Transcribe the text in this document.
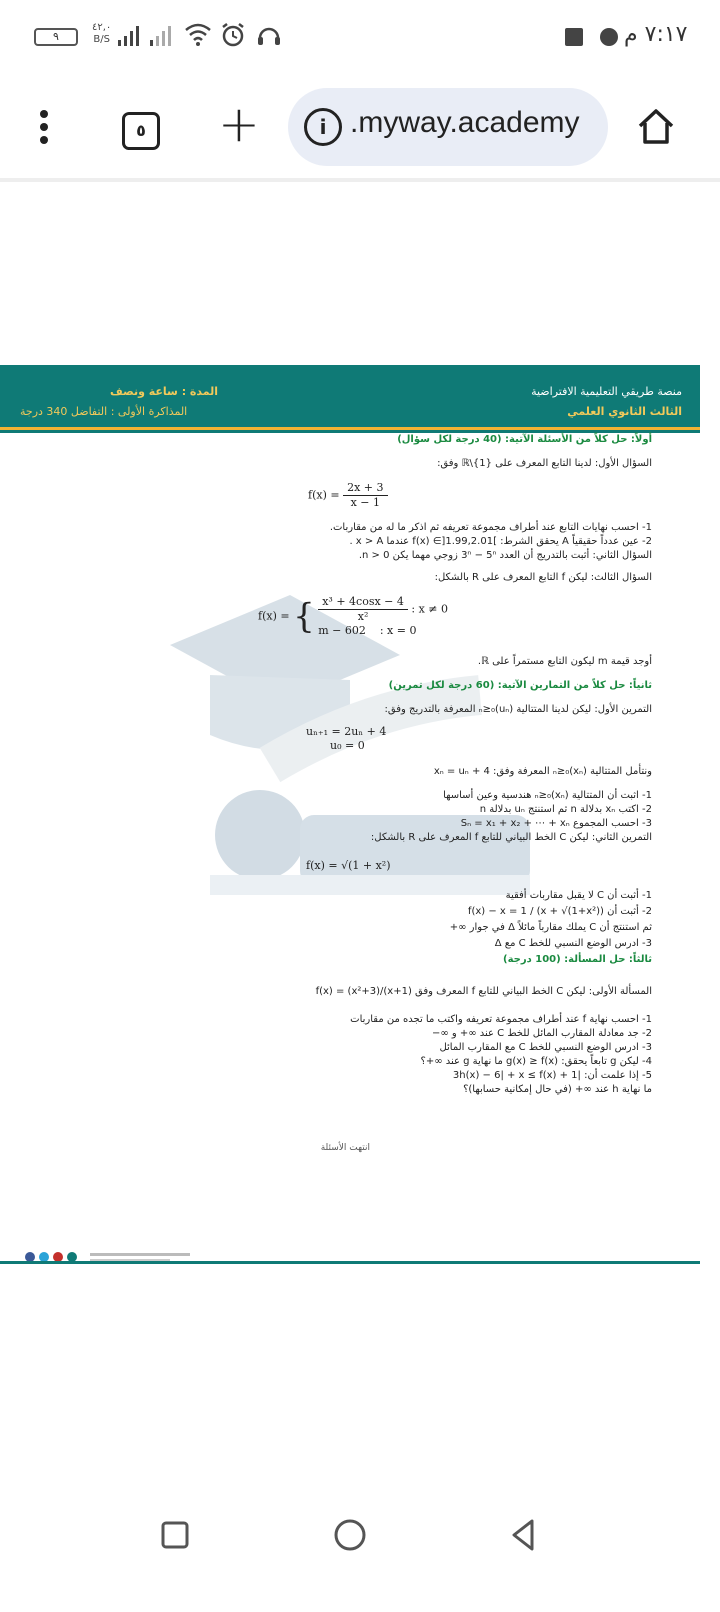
٩
٤٢,٠
B/S	٧:١٧ م
٥ +	i .myway.academy
منصة طريقي التعليمية الافتراضية
الثالث الثانوي العلمي
المدة : ساعة ونصف
المذاكرة الأولى : التفاضل 340 درجة
أولاً: حل كلاً من الأسئلة الآتية: (40 درجة لكل سؤال)
السؤال الأول: لدينا التابع المعرف على ℝ\{1} وفق:
$f(x) = \frac{2x + 3}{x - 1}$
1- احسب نهايات التابع عند أطراف مجموعة تعريفه ثم اذكر ما له من مقاربات.
2- عين عدداً حقيقياً A يحقق الشرط: ]1.99,2.01[∋ f(x) عندما x > A .
السؤال الثاني: أثبت بالتدريج أن العدد 3ⁿ − 5ⁿ زوجي مهما يكن n > 0.
السؤال الثالث: ليكن f التابع المعرف على R بالشكل:
f(x) = { $\frac{\text{x³ + 4cosx − 4}}{\text{x²}}$ : x ≠ 0
m − 602 : x = 0
أوجد قيمة m ليكون التابع مستمراً على ℝ.
ثانياً: حل كلاً من التمارين الآتية: (60 درجة لكل تمرين)
التمرين الأول: ليكن لدينا المتتالية (uₙ)ₙ≥₀ المعرفة بالتدريج وفق:
uₙ₊₁ = 2uₙ + 4
u₀ = 0
ونتأمل المتتالية (xₙ)ₙ≥₀ المعرفة وفق: xₙ = uₙ + 4
1- اثبت أن المتتالية (xₙ)ₙ≥₀ هندسية وعين أساسها
2- اكتب xₙ بدلالة n ثم استنتج uₙ بدلالة n
3- احسب المجموع Sₙ = x₁ + x₂ + ⋯ + xₙ
التمرين الثاني: ليكن C الخط البياني للتابع f المعرف على R بالشكل:
f(x) = √(1 + x²)
1- أثبت أن C لا يقبل مقاربات أفقية
2- أثبت أن f(x) − x = 1 / (x + √(1+x²))
ثم استنتج أن C يملك مقارباً مائلاً Δ في جوار ∞+
3- ادرس الوضع النسبي للخط C مع Δ
ثالثاً: حل المسألة: (100 درجة)
المسألة الأولى: ليكن C الخط البياني للتابع f المعرف وفق f(x) = (x²+3)/(x+1)
1- احسب نهاية f عند أطراف مجموعة تعريفه واكتب ما تجده من مقاربات
2- جد معادلة المقارب المائل للخط C عند ∞+ و ∞−
3- ادرس الوضع النسبي للخط C مع المقارب المائل
4- ليكن g تابعاً يحقق: g(x) ≥ f(x) ما نهاية g عند ∞+؟
5- إذا علمت أن: |3h(x) − 6| + x ≤ f(x) + 1
ما نهاية h عند ∞+ (في حال إمكانية حسابها)؟
انتهت الأسئلة
